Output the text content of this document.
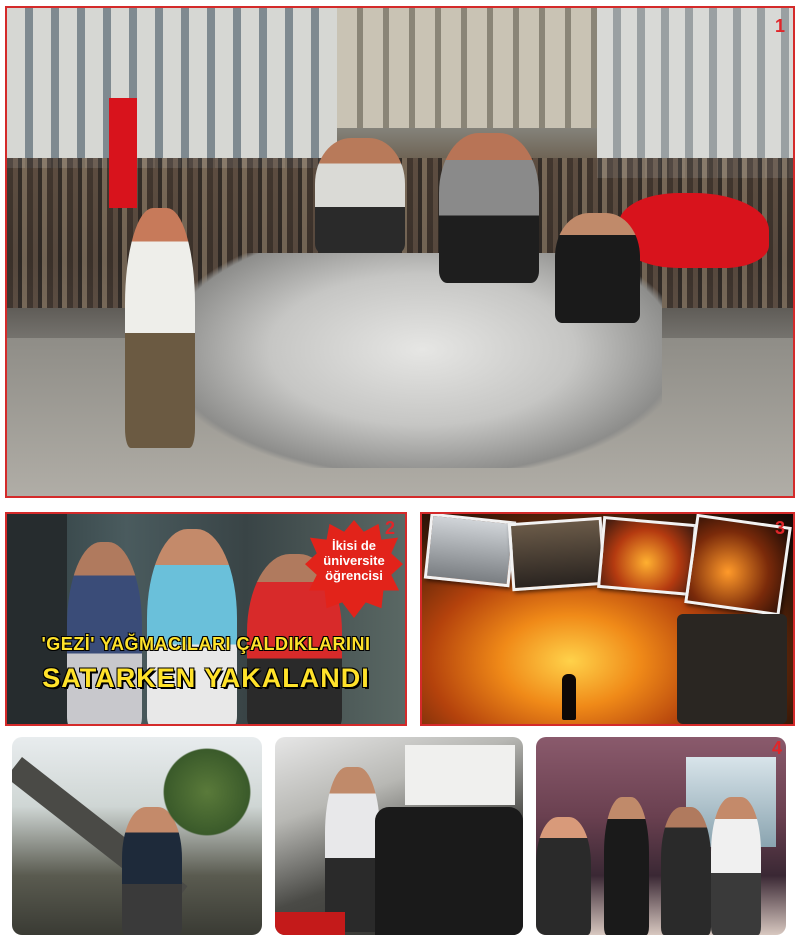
1
İkisi de
üniversite
öğrencisi
2
'GEZİ' YAĞMACILARI ÇALDIKLARINI
SATARKEN YAKALANDI
3
4
